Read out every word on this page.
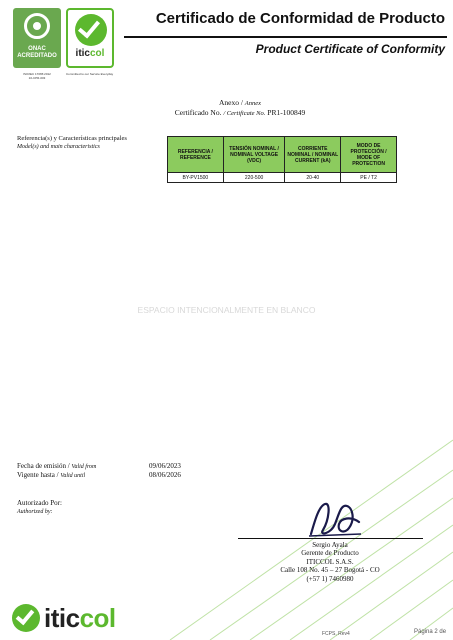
ONAC
ACREDITADO
ISO/IEC 17065:2012
10-CPR-003
iticcol
Committed to our Service Everyday
Certificado de Conformidad de Producto
Product Certificate of Conformity
Anexo / Annex
Certificado No. / Certificate No. PR1-100849
Referencia(s) y Características principales
Model(s) and main characteristics
REFERENCIA / REFERENCE	TENSIÓN NOMINAL / NOMINAL VOLTAGE (VDC)	CORRIENTE NOMINAL / NOMINAL CURRENT (kA)	MODO DE PROTECCIÓN / MODE OF PROTECTION
BY-PV1500	220-500	20-40	PE / T2
ESPACIO INTENCIONALMENTE EN BLANCO
Fecha de emisión / Valid from	09/06/2023
Vigente hasta / Valid until	08/06/2026
Autorizado Por:
Authorized by:
Sergio Ayala
Gerente de Producto
ITICCOL S.A.S.
Calle 108 No. 45 – 27 Bogotá - CO
(+57 1) 7460980
iticcol
FCPS, Rev4	Página 2 de
